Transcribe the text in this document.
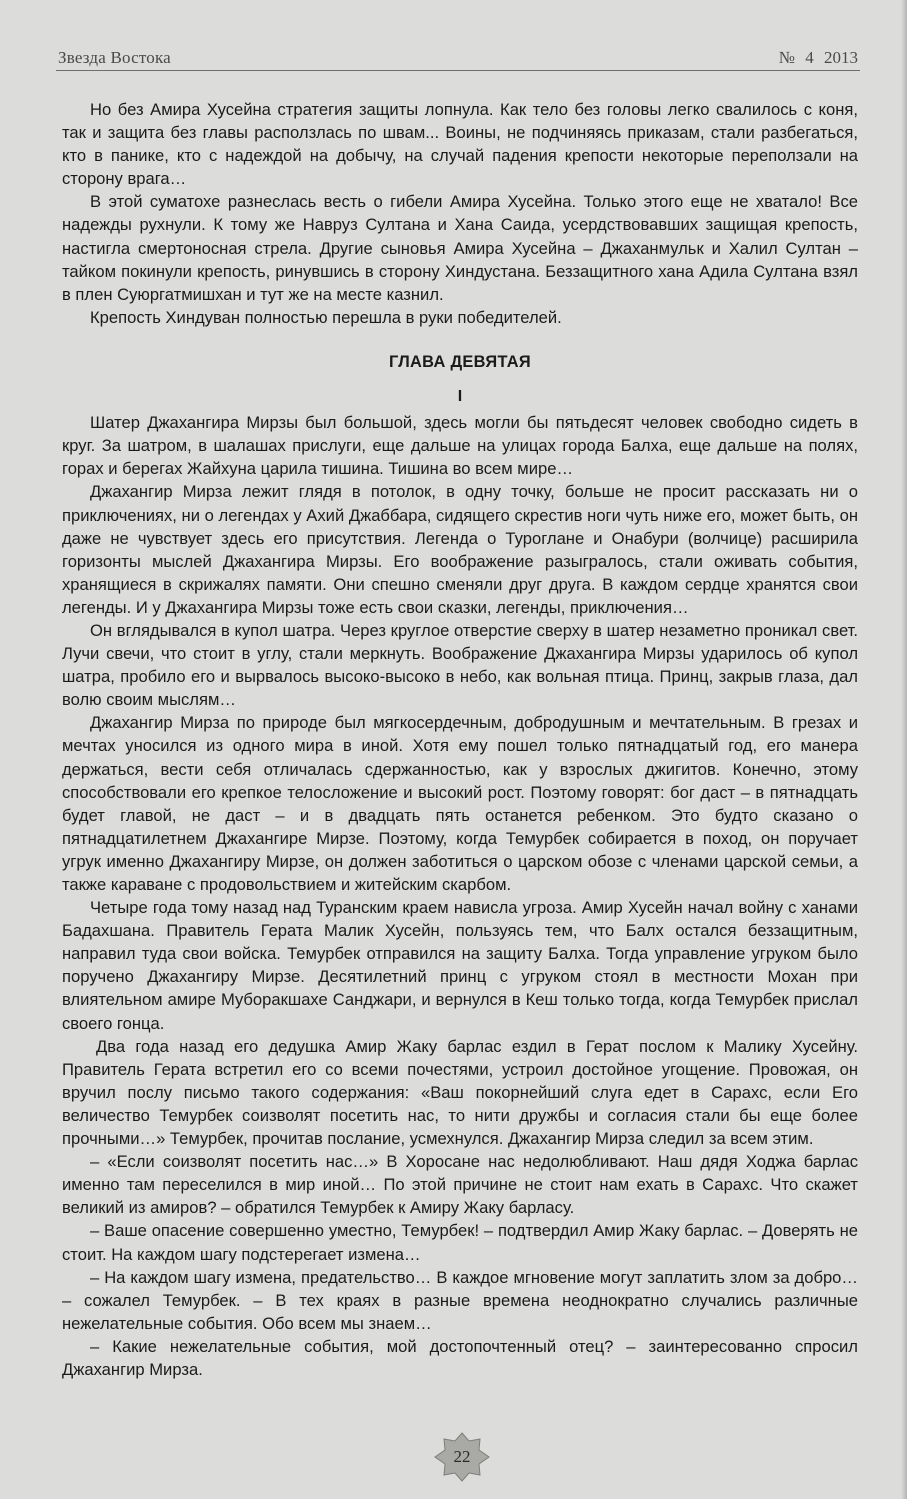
Звезда Востока	№ 4 2013

Но без Амира Хусейна стратегия защиты лопнула. Как тело без головы легко свалилось с коня, так и защита без главы расползлась по швам... Воины, не подчиняясь приказам, стали разбегаться, кто в панике, кто с надеждой на добычу, на случай падения крепости некоторые переползали на сторону врага…

В этой суматохе разнеслась весть о гибели Амира Хусейна. Только этого еще не хватало! Все надежды рухнули. К тому же Навруз Султана и Хана Саида, усердствовавших защищая крепость, настигла смертоносная стрела. Другие сыновья Амира Хусейна – Джаханмульк и Халил Султан – тайком покинули крепость, ринувшись в сторону Хиндустана. Беззащитного хана Адила Султана взял в плен Суюргатмишхан и тут же на месте казнил.

Крепость Хиндуван полностью перешла в руки победителей.

ГЛАВА ДЕВЯТАЯ
I

Шатер Джахангира Мирзы был большой, здесь могли бы пятьдесят человек свободно сидеть в круг. За шатром, в шалашах прислуги, еще дальше на улицах города Балха, еще дальше на полях, горах и берегах Жайхуна царила тишина. Тишина во всем мире…

Джахангир Мирза лежит глядя в потолок, в одну точку, больше не просит рассказать ни о приключениях, ни о легендах у Ахий Джаббара, сидящего скрестив ноги чуть ниже его, может быть, он даже не чувствует здесь его присутствия. Легенда о Туроглане и Онабури (волчице) расширила горизонты мыслей Джахангира Мирзы. Его воображение разыгралось, стали оживать события, хранящиеся в скрижалях памяти. Они спешно сменяли друг друга. В каждом сердце хранятся свои легенды. И у Джахангира Мирзы тоже есть свои сказки, легенды, приключения…

Он вглядывался в купол шатра. Через круглое отверстие сверху в шатер незаметно проникал свет. Лучи свечи, что стоит в углу, стали меркнуть. Воображение Джахангира Мирзы ударилось об купол шатра, пробило его и вырвалось высоко-высоко в небо, как вольная птица. Принц, закрыв глаза, дал волю своим мыслям…

Джахангир Мирза по природе был мягкосердечным, добродушным и мечтательным. В грезах и мечтах уносился из одного мира в иной. Хотя ему пошел только пятнадцатый год, его манера держаться, вести себя отличалась сдержанностью, как у взрослых джигитов. Конечно, этому способствовали его крепкое телосложение и высокий рост. Поэтому говорят: бог даст – в пятнадцать будет главой, не даст – и в двадцать пять останется ребенком. Это будто сказано о пятнадцатилетнем Джахангире Мирзе. Поэтому, когда Темурбек собирается в поход, он поручает угрук именно Джахангиру Мирзе, он должен заботиться о царском обозе с членами царской семьи, а также караване с продовольствием и житейским скарбом.

Четыре года тому назад над Туранским краем нависла угроза. Амир Хусейн начал войну с ханами Бадахшана. Правитель Герата Малик Хусейн, пользуясь тем, что Балх остался беззащитным, направил туда свои войска. Темурбек отправился на защиту Балха. Тогда управление угруком было поручено Джахангиру Мирзе. Десятилетний принц с угруком стоял в местности Мохан при влиятельном амире Муборакшахе Санджари, и вернулся в Кеш только тогда, когда Темурбек прислал своего гонца.

Два года назад его дедушка Амир Жаку барлас ездил в Герат послом к Малику Хусейну. Правитель Герата встретил его со всеми почестями, устроил достойное угощение. Провожая, он вручил послу письмо такого содержания: «Ваш покорнейший слуга едет в Сарахс, если Его величество Темурбек соизволят посетить нас, то нити дружбы и согласия стали бы еще более прочными…» Темурбек, прочитав послание, усмехнулся. Джахангир Мирза следил за всем этим.

– «Если соизволят посетить нас…» В Хоросане нас недолюбливают. Наш дядя Ходжа барлас именно там переселился в мир иной… По этой причине не стоит нам ехать в Сарахс. Что скажет великий из амиров? – обратился Темурбек к Амиру Жаку барласу.

– Ваше опасение совершенно уместно, Темурбек! – подтвердил Амир Жаку барлас. – Доверять не стоит. На каждом шагу подстерегает измена…

– На каждом шагу измена, предательство… В каждое мгновение могут заплатить злом за добро… – сожалел Темурбек. – В тех краях в разные времена неоднократно случались различные нежелательные события. Обо всем мы знаем…

– Какие нежелательные события, мой достопочтенный отец? – заинтересованно спросил Джахангир Мирза.

22
